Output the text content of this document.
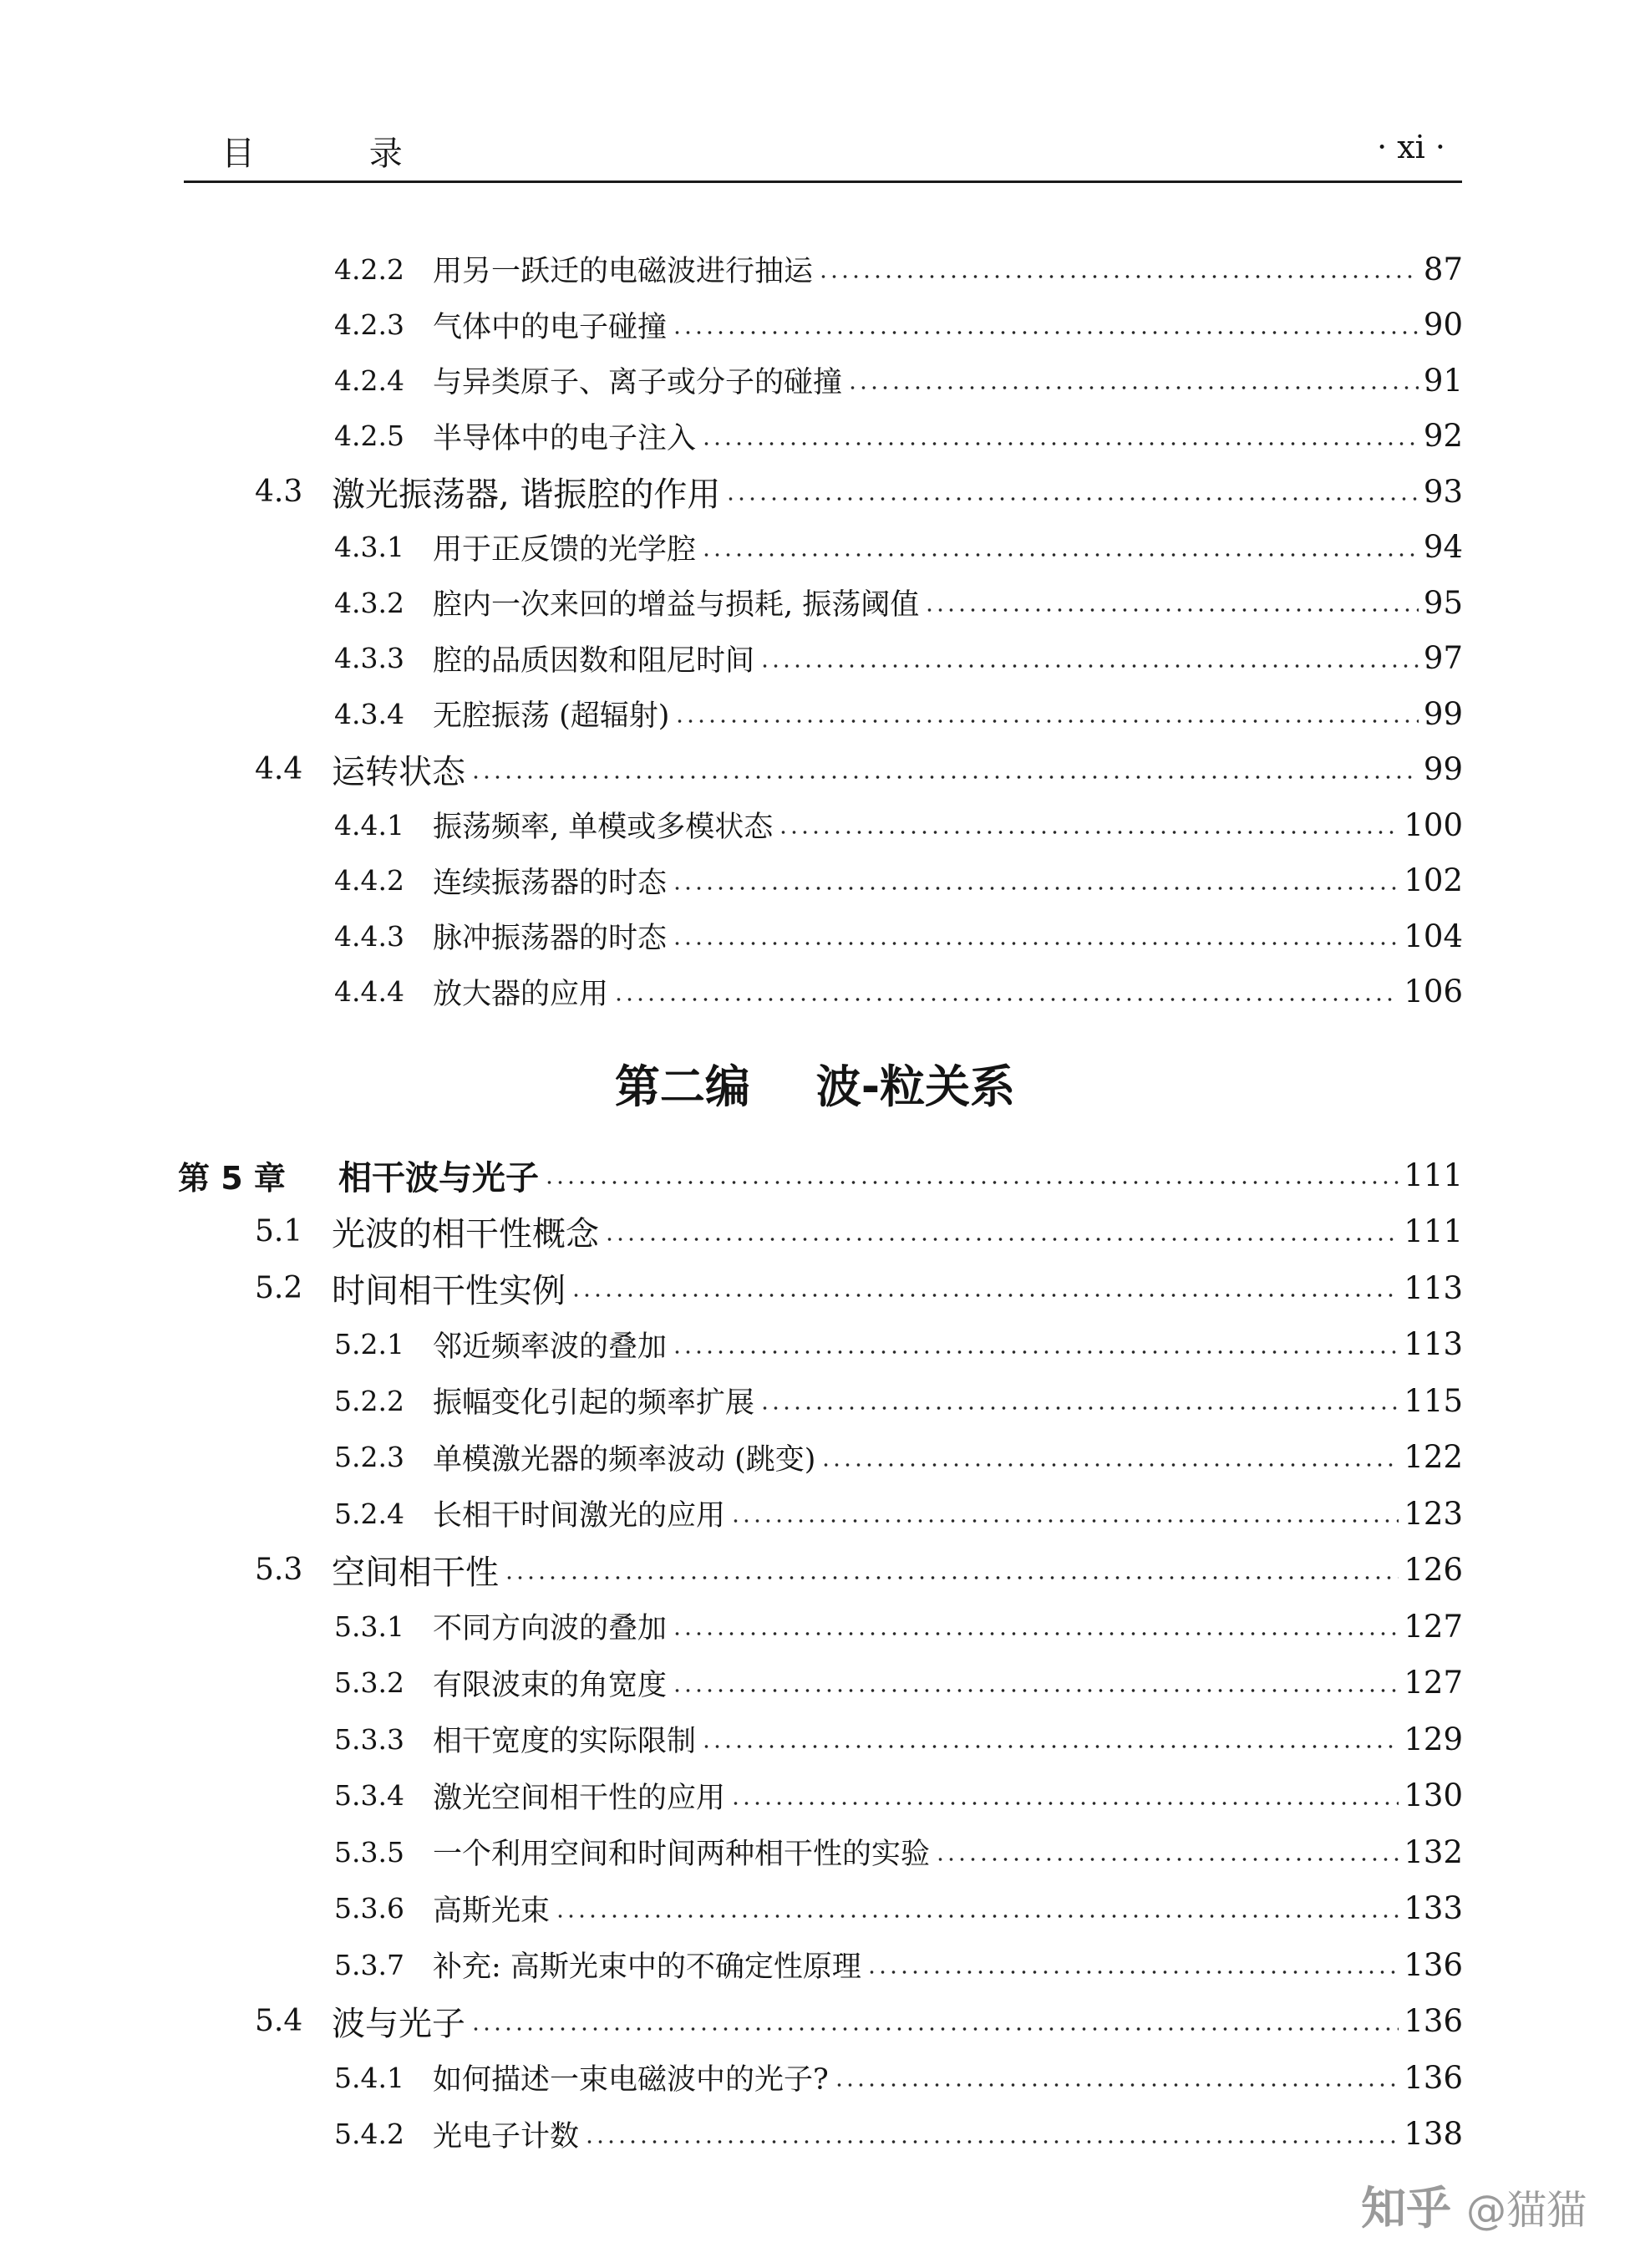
目 录	· xi ·
4.2.2 用另一跃迁的电磁波进行抽运	87
4.2.3 气体中的电子碰撞	90
4.2.4 与异类原子、离子或分子的碰撞	91
4.2.5 半导体中的电子注入	92
4.3 激光振荡器, 谐振腔的作用	93
4.3.1 用于正反馈的光学腔	94
4.3.2 腔内一次来回的增益与损耗, 振荡阈值	95
4.3.3 腔的品质因数和阻尼时间	97
4.3.4 无腔振荡 (超辐射)	99
4.4 运转状态	99
4.4.1 振荡频率, 单模或多模状态	100
4.4.2 连续振荡器的时态	102
4.4.3 脉冲振荡器的时态	104
4.4.4 放大器的应用	106
第二编 波-粒关系
第 5 章	相干波与光子	111
5.1 光波的相干性概念	111
5.2 时间相干性实例	113
5.2.1 邻近频率波的叠加	113
5.2.2 振幅变化引起的频率扩展	115
5.2.3 单模激光器的频率波动 (跳变)	122
5.2.4 长相干时间激光的应用	123
5.3 空间相干性	126
5.3.1 不同方向波的叠加	127
5.3.2 有限波束的角宽度	127
5.3.3 相干宽度的实际限制	129
5.3.4 激光空间相干性的应用	130
5.3.5 一个利用空间和时间两种相干性的实验	132
5.3.6 高斯光束	133
5.3.7 补充: 高斯光束中的不确定性原理	136
5.4 波与光子	136
5.4.1 如何描述一束电磁波中的光子?	136
5.4.2 光电子计数	138
知乎 @猫猫
